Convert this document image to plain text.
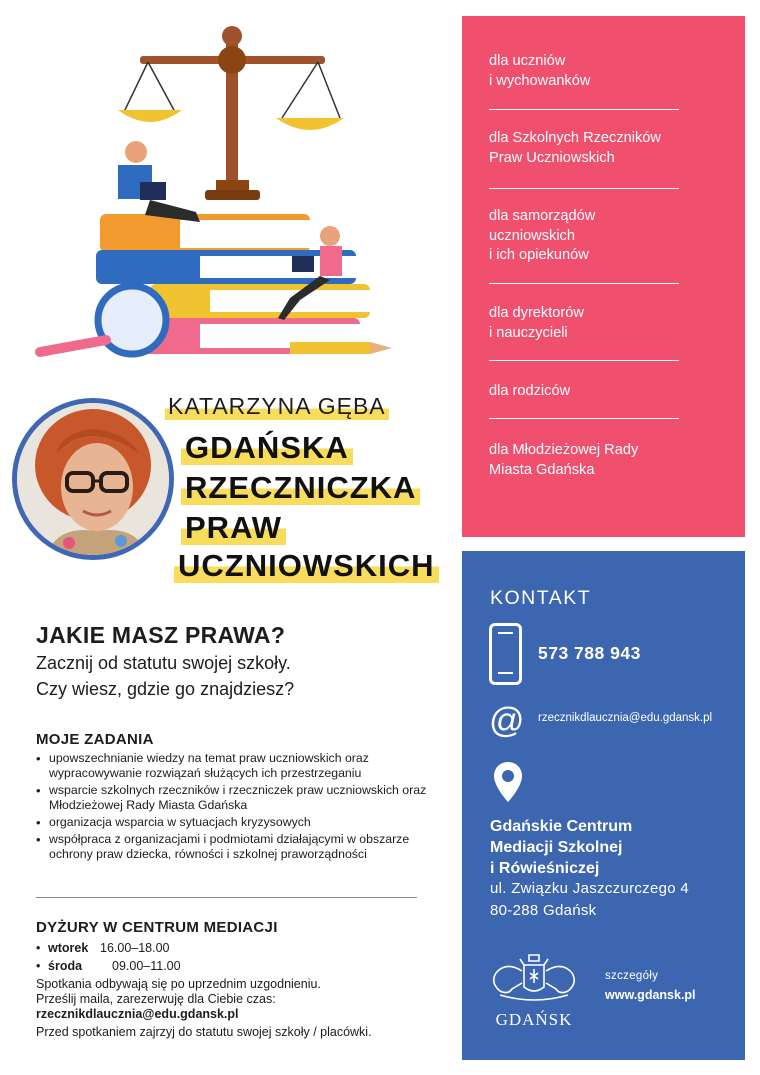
KATARZYNA GĘBA
GDAŃSKA
RZECZNICZKA
PRAW
UCZNIOWSKICH
JAKIE MASZ PRAWA?
Zacznij od statutu swojej szkoły.
Czy wiesz, gdzie go znajdziesz?
MOJE ZADANIA
• upowszechnianie wiedzy na temat praw uczniowskich oraz wypracowywanie rozwiązań służących ich przestrzeganiu
• wsparcie szkolnych rzeczników i rzeczniczek praw uczniowskich oraz Młodzieżowej Rady Miasta Gdańska
• organizacja wsparcia w sytuacjach kryzysowych
• współpraca z organizacjami i podmiotami działającymi w obszarze ochrony praw dziecka, równości i szkolnej praworządności
DYŻURY W CENTRUM MEDIACJI
• wtorek 16.00–18.00
• środa 09.00–11.00
Spotkania odbywają się po uprzednim uzgodnieniu.
Prześlij maila, zarezerwuję dla Ciebie czas:
rzecznikdlaucznia@edu.gdansk.pl
Przed spotkaniem zajrzyj do statutu swojej szkoły / placówki.
dla uczniów
i wychowanków
dla Szkolnych Rzeczników
Praw Uczniowskich
dla samorządów
uczniowskich
i ich opiekunów
dla dyrektorów
i nauczycieli
dla rodziców
dla Młodzieżowej Rady
Miasta Gdańska
KONTAKT
573 788 943
@ rzecznikdlaucznia@edu.gdansk.pl
Gdańskie Centrum
Mediacji Szkolnej
i Rówieśniczej
ul. Związku Jaszczurczego 4
80-288 Gdańsk
GDAŃSK
szczegóły
www.gdansk.pl
